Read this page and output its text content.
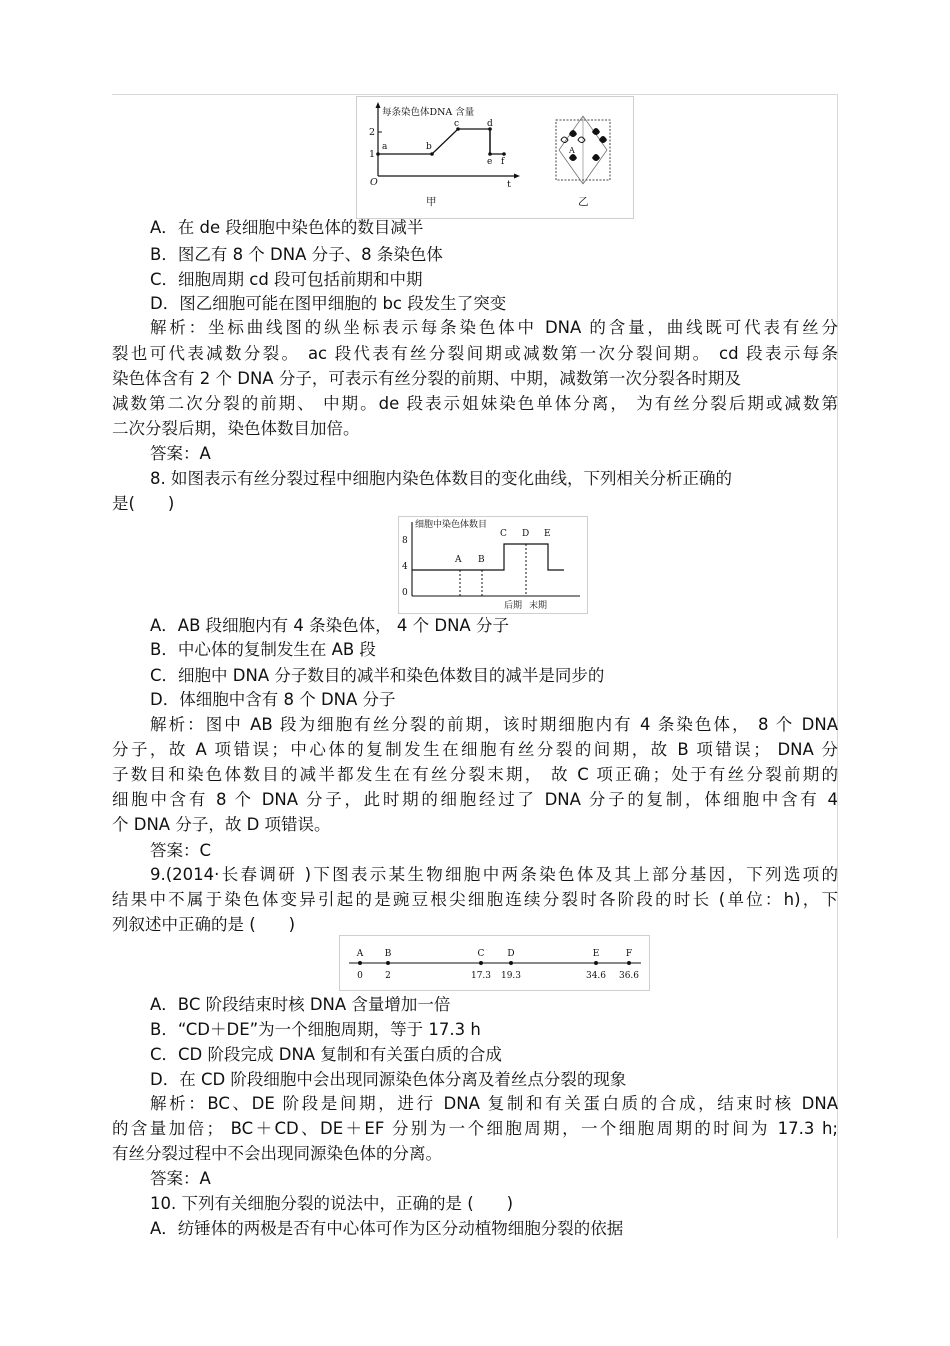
每条染色体DNA 含量
2
1
O	t
a	b
c	d
e f
甲
A
乙
A．在 de 段细胞中染色体的数目减半
B．图乙有 8 个 DNA 分子、8 条染色体
C．细胞周期 cd 段可包括前期和中期
D．图乙细胞可能在图甲细胞的 bc 段发生了突变
解析：坐标曲线图的纵坐标表示每条染色体中 DNA 的含量，曲线既可代表有丝分
裂也可代表减数分裂。 ac 段代表有丝分裂间期或减数第一次分裂间期。 cd 段表示每条
染色体含有 2 个 DNA 分子，可表示有丝分裂的前期、中期，减数第一次分裂各时期及
减数第二次分裂的前期、 中期。de 段表示姐妹染色单体分离， 为有丝分裂后期或减数第
二次分裂后期，染色体数目加倍。
答案：A
8. 如图表示有丝分裂过程中细胞内染色体数目的变化曲线，下列相关分析正确的
是(　　)
细胞中染色体数目
8
4
0
A B
C D E
后期 末期
A．AB 段细胞内有 4 条染色体， 4 个 DNA 分子
B．中心体的复制发生在 AB 段
C．细胞中 DNA 分子数目的减半和染色体数目的减半是同步的
D．体细胞中含有 8 个 DNA 分子
解析：图中 AB 段为细胞有丝分裂的前期，该时期细胞内有 4 条染色体， 8 个 DNA
分子，故 A 项错误；中心体的复制发生在细胞有丝分裂的间期，故 B 项错误； DNA 分
子数目和染色体数目的减半都发生在有丝分裂末期， 故 C 项正确；处于有丝分裂前期的
细胞中含有 8 个 DNA 分子，此时期的细胞经过了 DNA 分子的复制，体细胞中含有 4
个 DNA 分子，故 D 项错误。
答案：C
9.(2014·长春调研 )下图表示某生物细胞中两条染色体及其上部分基因，下列选项的
结果中不属于染色体变异引起的是豌豆根尖细胞连续分裂时各阶段的时长 (单位：h)，下
列叙述中正确的是 (　　)
A
0
B
2
C
17.3
D
19.3
E
34.6
F
36.6
A．BC 阶段结束时核 DNA 含量增加一倍
B．“CD＋DE”为一个细胞周期，等于 17.3 h
C．CD 阶段完成 DNA 复制和有关蛋白质的合成
D．在 CD 阶段细胞中会出现同源染色体分离及着丝点分裂的现象
解析：BC、DE 阶段是间期，进行 DNA 复制和有关蛋白质的合成，结束时核 DNA
的含量加倍； BC＋CD、DE＋EF 分别为一个细胞周期，一个细胞周期的时间为 17.3 h;
有丝分裂过程中不会出现同源染色体的分离。
答案：A
10. 下列有关细胞分裂的说法中，正确的是 (　　)
A．纺锤体的两极是否有中心体可作为区分动植物细胞分裂的依据
